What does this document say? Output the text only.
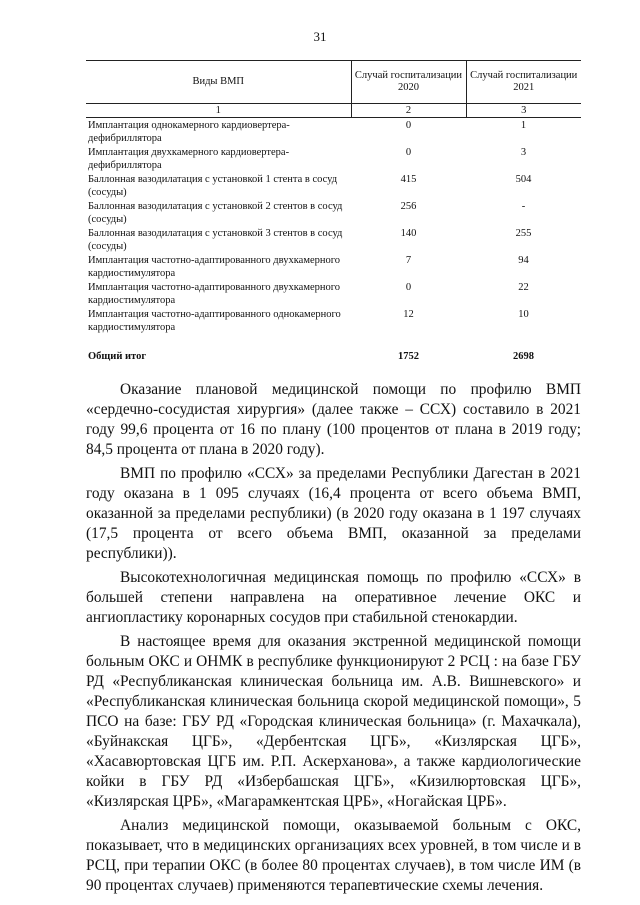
31
Виды ВМП	Случай госпитализации 2020	Случай госпитализации 2021
1	2	3
Имплантация однокамерного кардиовертера-дефибриллятора	0	1
Имплантация двухкамерного кардиовертера-дефибриллятора	0	3
Баллонная вазодилатация с установкой 1 стента в сосуд (сосуды)	415	504
Баллонная вазодилатация с установкой 2 стентов в сосуд (сосуды)	256	-
Баллонная вазодилатация с установкой 3 стентов в сосуд (сосуды)	140	255
Имплантация частотно-адаптированного двухкамерного кардиостимулятора	7	94
Имплантация частотно-адаптированного двухкамерного кардиостимулятора	0	22
Имплантация частотно-адаптированного однокамерного кардиостимулятора	12	10
Общий итог	1752	2698

Оказание плановой медицинской помощи по профилю ВМП «сердечно-сосудистая хирургия» (далее также – ССХ) составило в 2021 году 99,6 процента от 16 по плану (100 процентов от плана в 2019 году; 84,5 процента от плана в 2020 году).

ВМП по профилю «ССХ» за пределами Республики Дагестан в 2021 году оказана в 1 095 случаях (16,4 процента от всего объема ВМП, оказанной за пределами республики) (в 2020 году оказана в 1 197 случаях (17,5 процента от всего объема ВМП, оказанной за пределами республики)).

Высокотехнологичная медицинская помощь по профилю «ССХ» в большей степени направлена на оперативное лечение ОКС и ангиопластику коронарных сосудов при стабильной стенокардии.

В настоящее время для оказания экстренной медицинской помощи больным ОКС и ОНМК в республике функционируют 2 РСЦ : на базе ГБУ РД «Республиканская клиническая больница им. А.В. Вишневского» и «Республиканская клиническая больница скорой медицинской помощи», 5 ПСО на базе: ГБУ РД «Городская клиническая больница» (г. Махачкала), «Буйнакская ЦГБ», «Дербентская ЦГБ», «Кизлярская ЦГБ», «Хасавюртовская ЦГБ им. Р.П. Аскерханова», а также кардиологические койки в ГБУ РД «Избербашская ЦГБ», «Кизилюртовская ЦГБ», «Кизлярская ЦРБ», «Магарамкентская ЦРБ», «Ногайская ЦРБ».

Анализ медицинской помощи, оказываемой больным с ОКС, показывает, что в медицинских организациях всех уровней, в том числе и в РСЦ, при терапии ОКС (в более 80 процентах случаев), в том числе ИМ (в 90 процентах случаев) применяются терапевтические схемы лечения.
